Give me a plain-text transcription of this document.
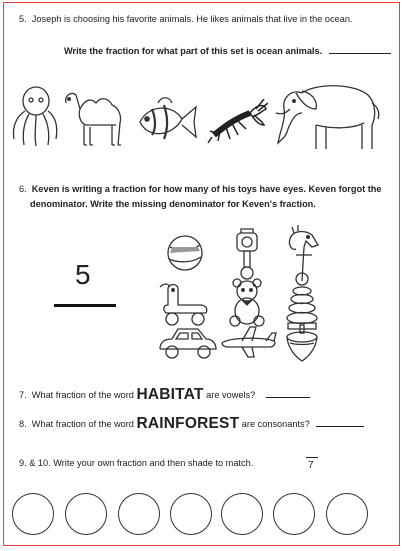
5. Joseph is choosing his favorite animals. He likes animals that live in the ocean.
Write the fraction for what part of this set is ocean animals.
6. Keven is writing a fraction for how many of his toys have eyes. Keven forgot the
denominator. Write the missing denominator for Keven's fraction.
5
7. What fraction of the word HABITAT are vowels?
8. What fraction of the word RAINFOREST are consonants?
9. & 10. Write your own fraction and then shade to match.	7
